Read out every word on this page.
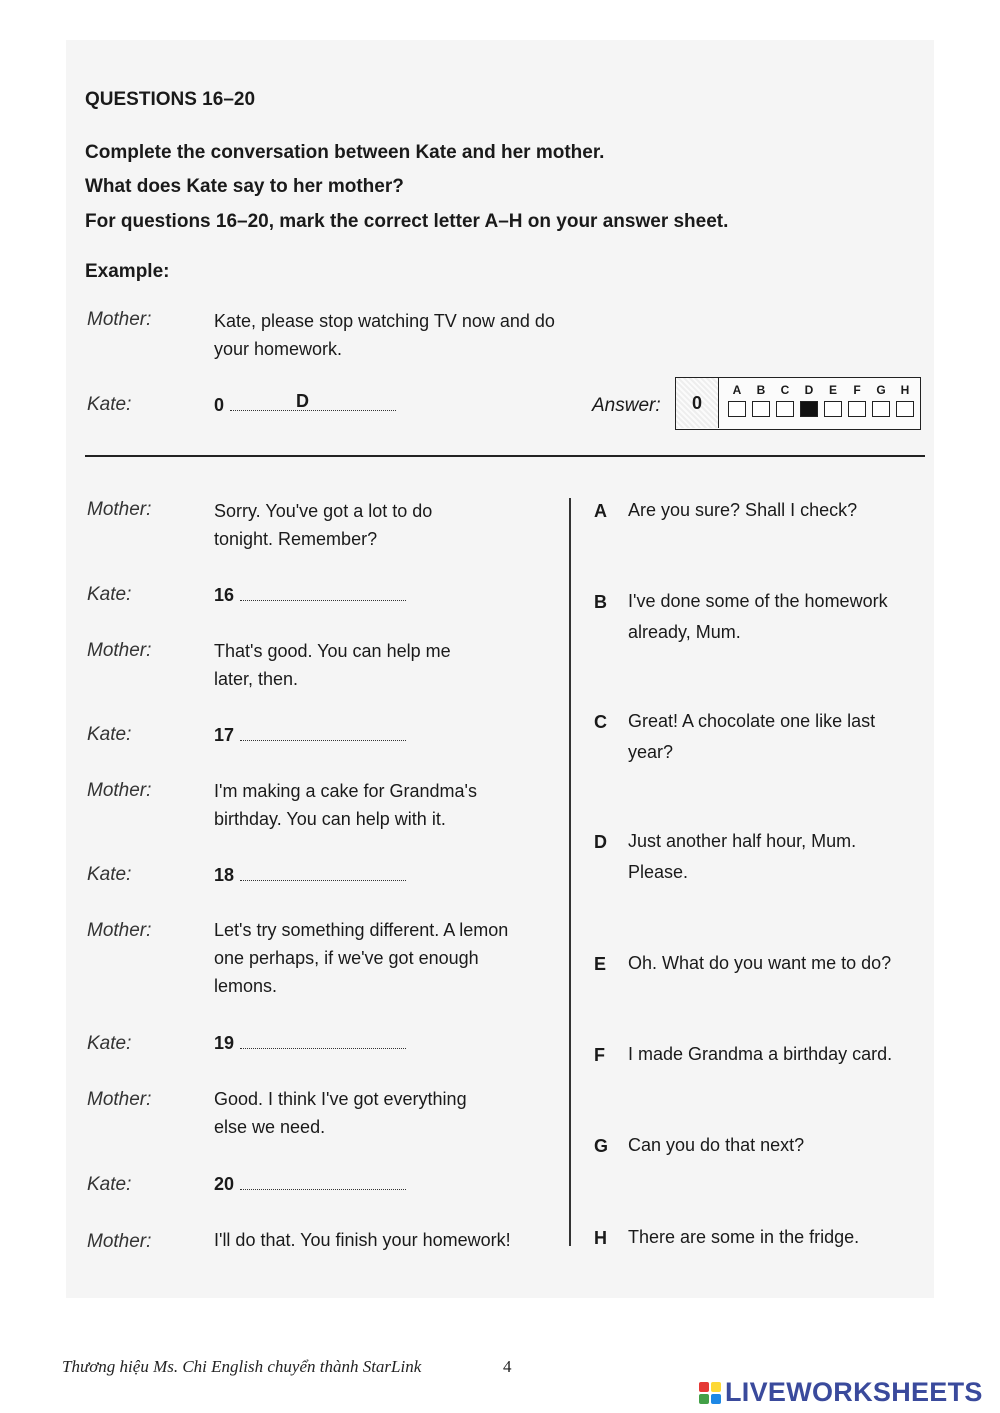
QUESTIONS 16–20
Complete the conversation between Kate and her mother.
What does Kate say to her mother?
For questions 16–20, mark the correct letter A–H on your answer sheet.
Example:
Mother:	Kate, please stop watching TV now and do
your homework.
Kate:	0	D	Answer:	0
A B C D E F G H
Mother:	Sorry. You've got a lot to do
tonight. Remember?
Kate:	16
Mother:	That's good. You can help me
later, then.
Kate:	17
Mother:	I'm making a cake for Grandma's
birthday. You can help with it.
Kate:	18
Mother:	Let's try something different. A lemon
one perhaps, if we've got enough
lemons.
Kate:	19
Mother:	Good. I think I've got everything
else we need.
Kate:	20
Mother:	I'll do that. You finish your homework!
A Are you sure? Shall I check?
B I've done some of the homework
already, Mum.
C Great! A chocolate one like last
year?
D Just another half hour, Mum.
Please.
E Oh. What do you want me to do?
F I made Grandma a birthday card.
G Can you do that next?
H There are some in the fridge.
Thương hiệu Ms. Chi English chuyển thành StarLink	4
LIVEWORKSHEETS
